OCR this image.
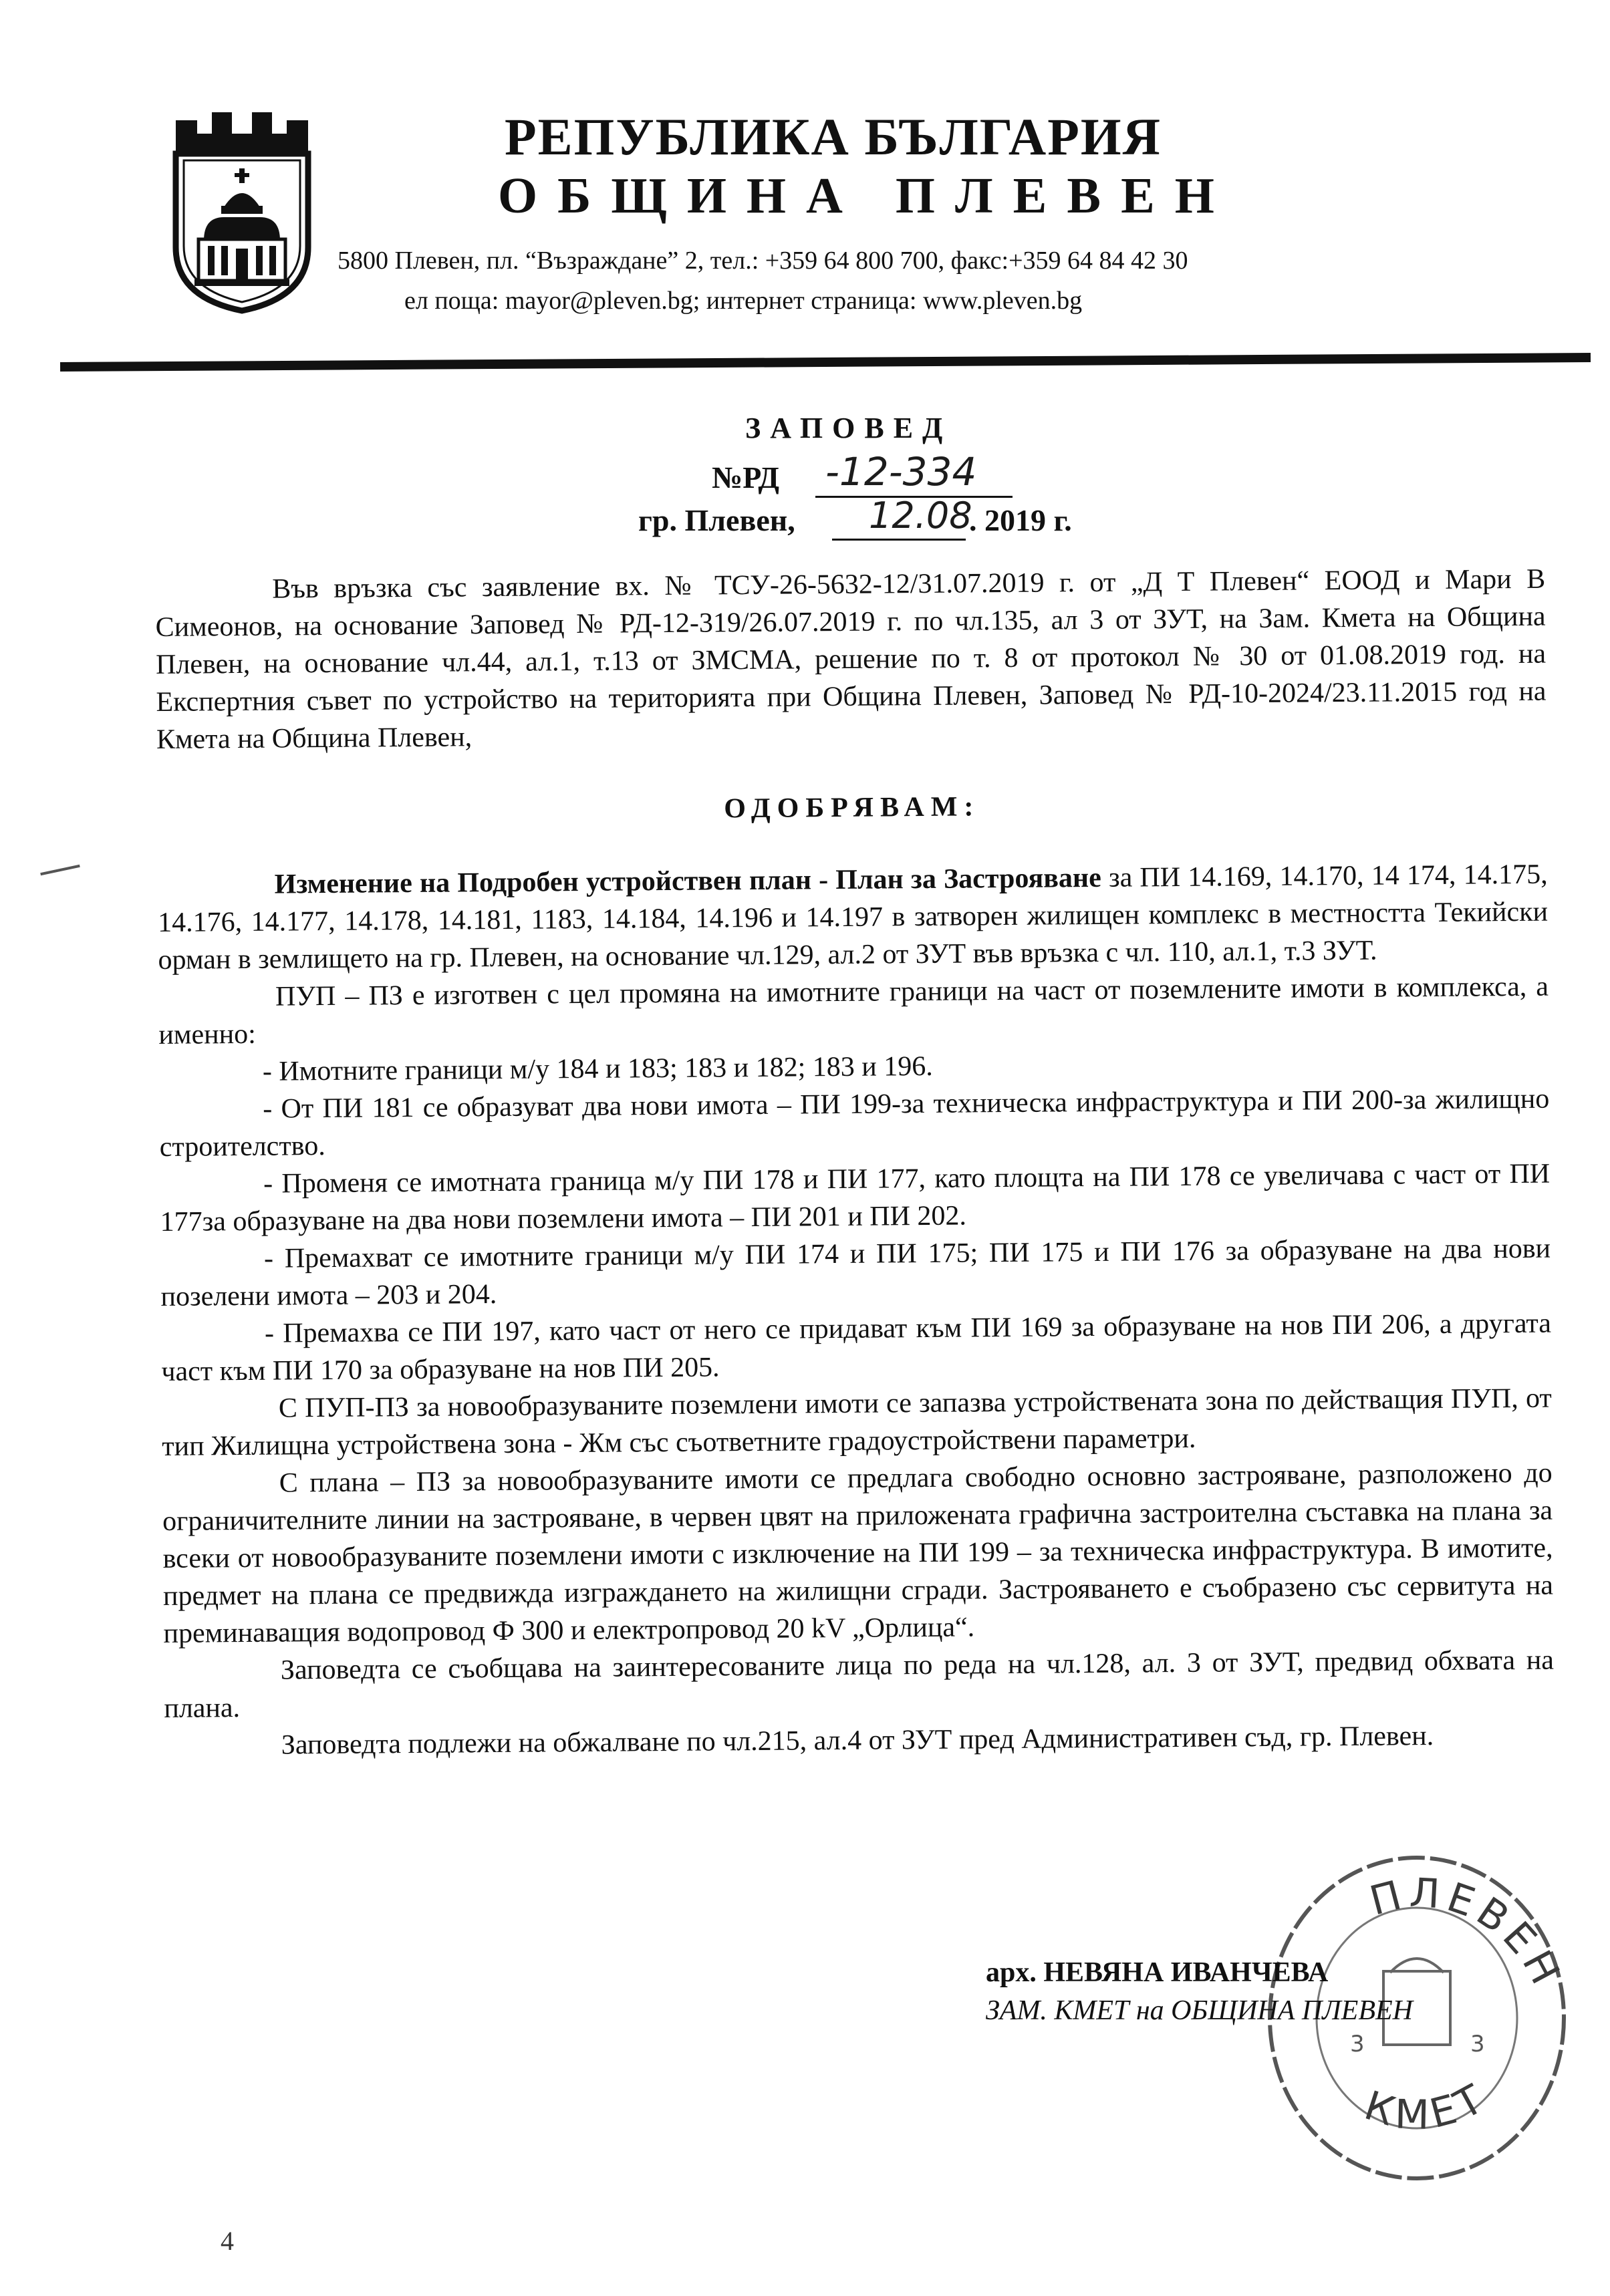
РЕПУБЛИКА БЪЛГАРИЯ
ОБЩИНА ПЛЕВЕН
5800 Плевен, пл. “Възраждане” 2, тел.: +359 64 800 700, факс:+359 64 84 42 30
ел поща: mayor@pleven.bg; интернет страница: www.pleven.bg
ЗАПОВЕД
№РД -12-334
гр. Плевен, 12.08
. 2019 г.

Във връзка със заявление вх. № ТСУ-26-5632-12/31.07.2019 г. от „Д Т Плевен“ ЕООД и Мари В Симеонов, на основание Заповед № РД-12-319/26.07.2019 г. по чл.135, ал 3 от ЗУТ, на Зам. Кмета на Община Плевен, на основание чл.44, ал.1, т.13 от ЗМСМА, решение по т. 8 от протокол № 30 от 01.08.2019 год. на Експертния съвет по устройство на територията при Община Плевен, Заповед № РД-10-2024/23.11.2015 год на Кмета на Община Плевен,

ОДОБРЯВАМ:

Изменение на Подробен устройствен план - План за Застрояване за ПИ 14.169, 14.170, 14 174, 14.175, 14.176, 14.177, 14.178, 14.181, 1183, 14.184, 14.196 и 14.197 в затворен жилищен комплекс в местността Текийски орман в землището на гр. Плевен, на основание чл.129, ал.2 от ЗУТ във връзка с чл. 110, ал.1, т.3 ЗУТ.

ПУП – ПЗ е изготвен с цел промяна на имотните граници на част от поземлените имоти в комплекса, а именно:

- Имотните граници м/у 184 и 183; 183 и 182; 183 и 196.

- От ПИ 181 се образуват два нови имота – ПИ 199-за техническа инфраструктура и ПИ 200-за жилищно строителство.

- Променя се имотната граница м/у ПИ 178 и ПИ 177, като площта на ПИ 178 се увеличава с част от ПИ 177за образуване на два нови поземлени имота – ПИ 201 и ПИ 202.

- Премахват се имотните граници м/у ПИ 174 и ПИ 175; ПИ 175 и ПИ 176 за образуване на два нови позелени имота – 203 и 204.

- Премахва се ПИ 197, като част от него се придават към ПИ 169 за образуване на нов ПИ 206, а другата част към ПИ 170 за образуване на нов ПИ 205.

С ПУП-ПЗ за новообразуваните поземлени имоти се запазва устройствената зона по действащия ПУП, от тип Жилищна устройствена зона - Жм със съответните градоустройствени параметри.

С плана – ПЗ за новообразуваните имоти се предлага свободно основно застрояване, разположено до ограничителните линии на застрояване, в червен цвят на приложената графична застроителна съставка на плана за всеки от новообразуваните поземлени имоти с изключение на ПИ 199 – за техническа инфраструктура. В имотите, предмет на плана се предвижда изграждането на жилищни сгради. Застрояването е съобразено със сервитута на преминаващия водопровод Ф 300 и електропровод 20 kV „Орлица“.

Заповедта се съобщава на заинтересованите лица по реда на чл.128, ал. 3 от ЗУТ, предвид обхвата на плана.

Заповедта подлежи на обжалване по чл.215, ал.4 от ЗУТ пред Административен съд, гр. Плевен.

ПЛЕВЕН
КМЕТ
3	3
арх. НЕВЯНА ИВАНЧЕВА
ЗАМ. КМЕТ на ОБЩИНА ПЛЕВЕН
4
